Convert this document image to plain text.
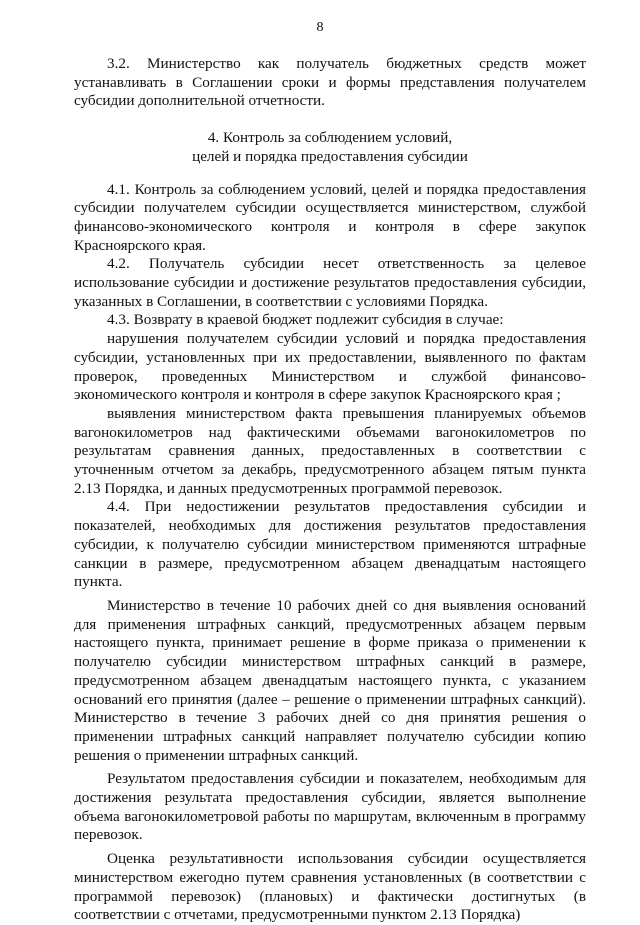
8

3.2. Министерство как получатель бюджетных средств может устанавливать в Соглашении сроки и формы представления получателем субсидии дополнительной отчетности.

4. Контроль за соблюдением условий,

целей и порядка предоставления субсидии

4.1. Контроль за соблюдением условий, целей и порядка предоставления субсидии получателем субсидии осуществляется министерством, службой финансово-экономического контроля и контроля в сфере закупок Красноярского края.

4.2. Получатель субсидии несет ответственность за целевое использование субсидии и достижение результатов предоставления субсидии, указанных в Соглашении, в соответствии с условиями Порядка.

4.3. Возврату в краевой бюджет подлежит субсидия в случае:

нарушения получателем субсидии условий и порядка предоставления субсидии, установленных при их предоставлении, выявленного по фактам проверок, проведенных Министерством и службой финансово-экономического контроля и контроля в сфере закупок Красноярского края ;

выявления министерством факта превышения планируемых объемов вагонокилометров над фактическими объемами вагонокилометров по результатам сравнения данных, предоставленных в соответствии с уточненным отчетом за декабрь, предусмотренного абзацем пятым пункта 2.13 Порядка, и данных предусмотренных программой перевозок.

4.4. При недостижении результатов предоставления субсидии и показателей, необходимых для достижения результатов предоставления субсидии, к получателю субсидии министерством применяются штрафные санкции в размере, предусмотренном абзацем двенадцатым настоящего пункта.

Министерство в течение 10 рабочих дней со дня выявления оснований для применения штрафных санкций, предусмотренных абзацем первым настоящего пункта, принимает решение в форме приказа о применении к получателю субсидии министерством штрафных санкций в размере, предусмотренном абзацем двенадцатым настоящего пункта, с указанием оснований его принятия (далее – решение о применении штрафных санкций). Министерство в течение 3 рабочих дней со дня принятия решения о применении штрафных санкций направляет получателю субсидии копию решения о применении штрафных санкций.

Результатом предоставления субсидии и показателем, необходимым для достижения результата предоставления субсидии, является выполнение объема вагонокилометровой работы по маршрутам, включенным в программу перевозок.

Оценка результативности использования субсидии осуществляется министерством ежегодно путем сравнения установленных (в соответствии с программой перевозок) (плановых) и фактически достигнутых (в соответствии с отчетами, предусмотренными пунктом 2.13 Порядка)
